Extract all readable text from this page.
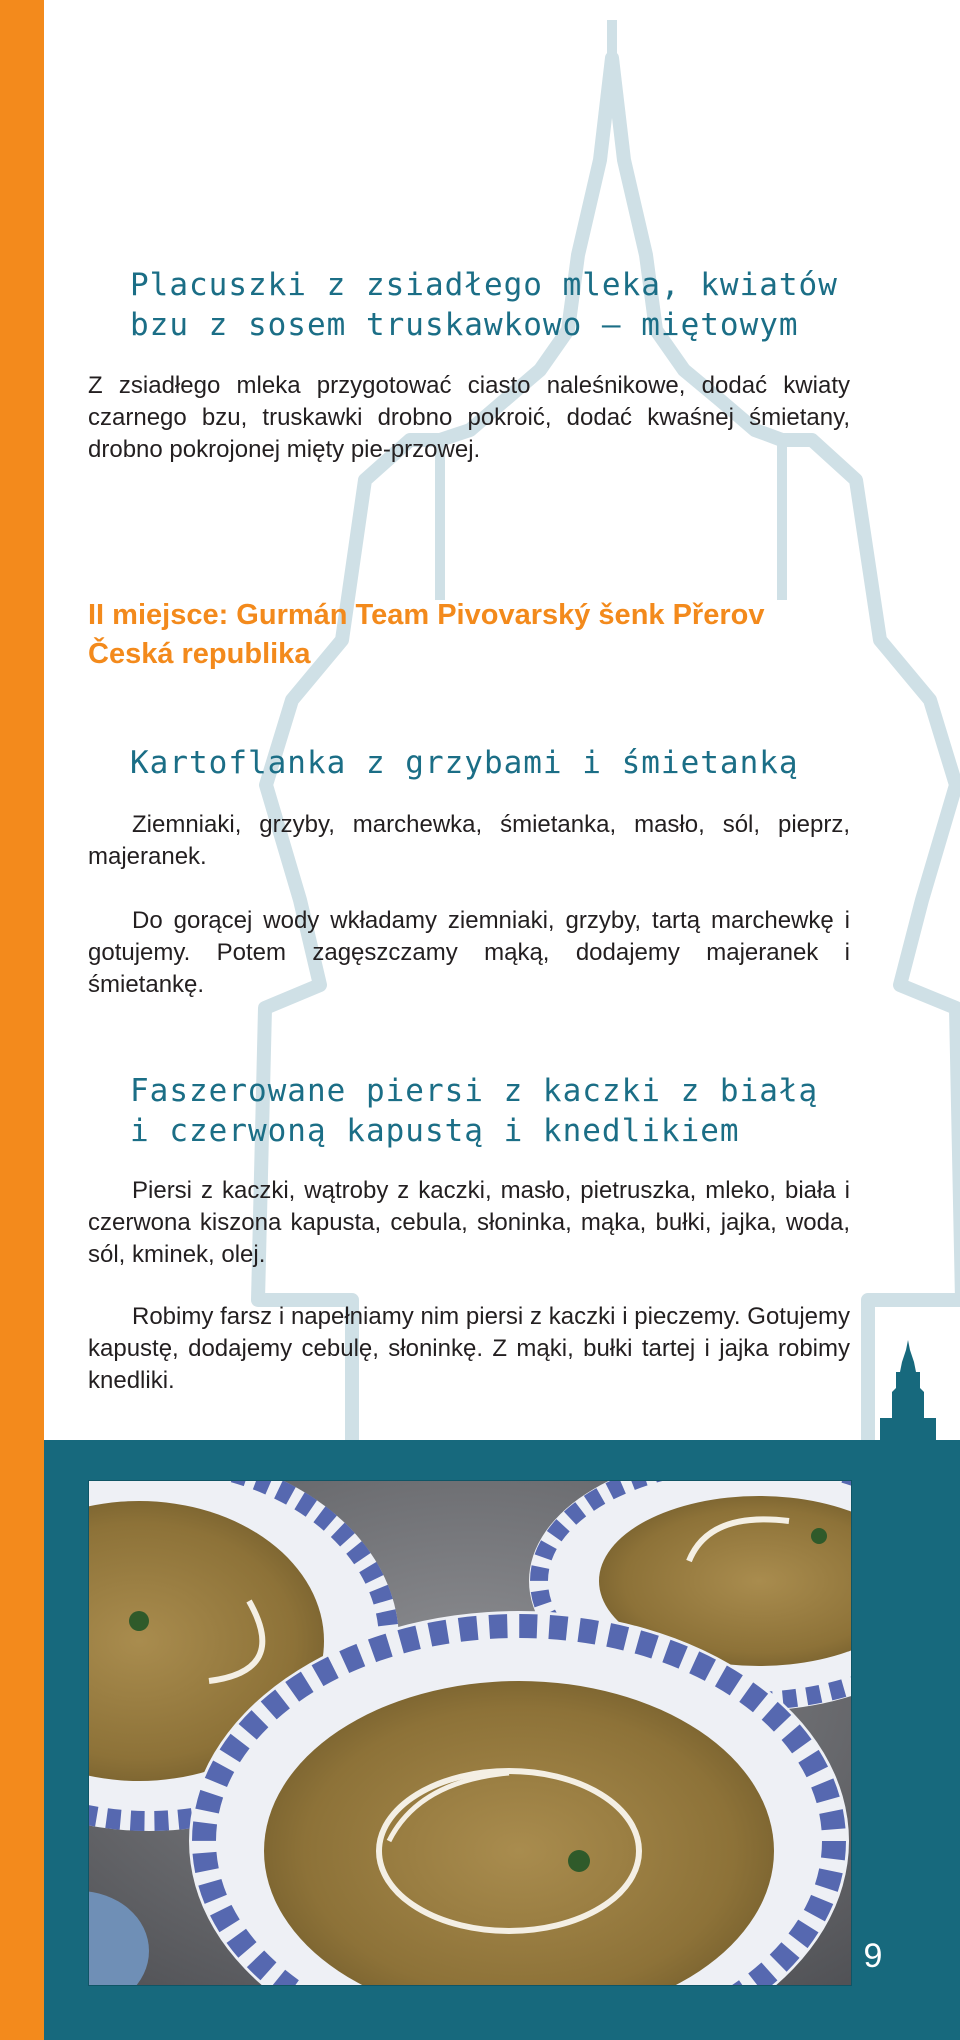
Placuszki z zsiadłego mleka, kwiatów
bzu z sosem truskawkowo – miętowym

Z zsiadłego mleka przygotować ciasto naleśnikowe, dodać kwiaty czarnego bzu, truskawki drobno pokroić, dodać kwaśnej śmietany, drobno pokrojonej mięty pie-przowej.

II miejsce: Gurmán Team Pivovarský šenk Přerov

Česká republika

Kartoflanka z grzybami i śmietanką

Ziemniaki, grzyby, marchewka, śmietanka, masło, sól, pieprz, majeranek.

Do gorącej wody wkładamy ziemniaki, grzyby, tartą marchewkę i gotujemy. Potem zagęszczamy mąką, dodajemy majeranek i śmietankę.

Faszerowane piersi z kaczki z białą
i czerwoną kapustą i knedlikiem

Piersi z kaczki, wątroby z kaczki, masło, pietruszka, mleko, biała i czerwona kiszona kapusta, cebula, słoninka, mąka, bułki, jajka, woda, sól, kminek, olej.

Robimy farsz i napełniamy nim piersi z kaczki i pieczemy. Gotujemy kapustę, dodajemy cebulę, słoninkę. Z mąki, bułki tartej i jajka robimy knedliki.

9
